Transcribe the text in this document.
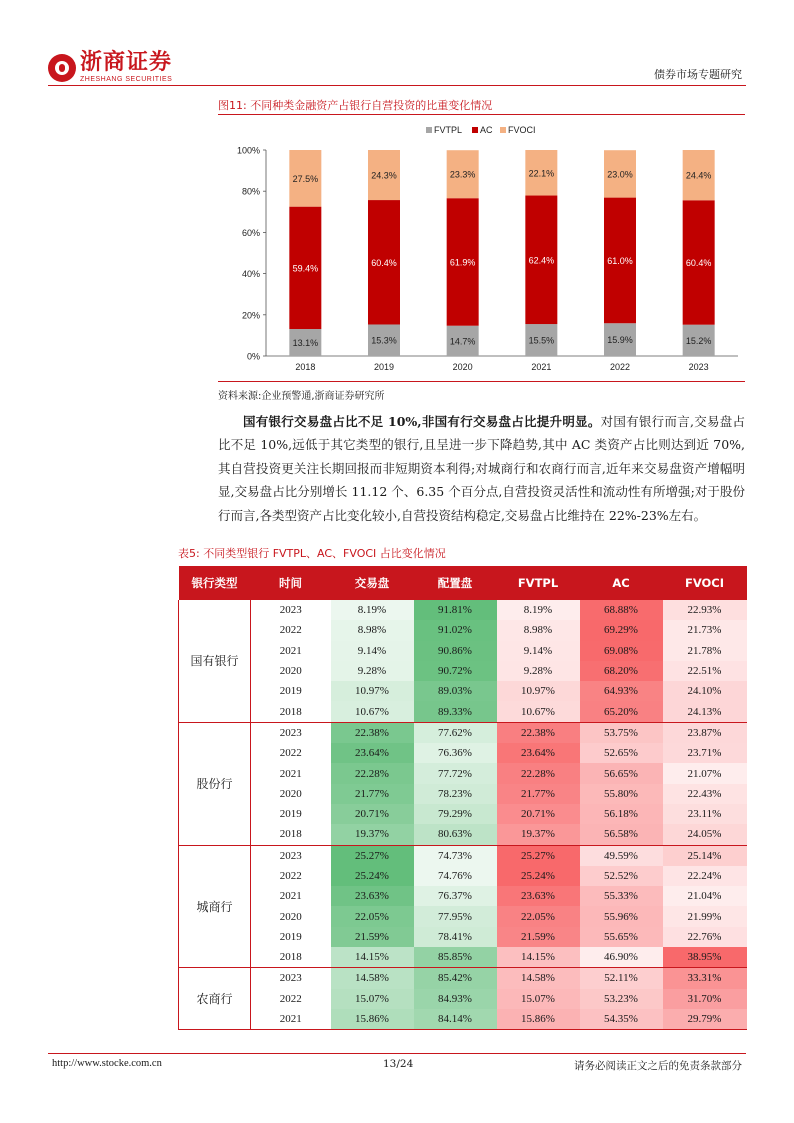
浙商证券
ZHESHANG SECURITIES	债券市场专题研究
图11: 不同种类金融资产占银行自营投资的比重变化情况
0%
20%
40%
60%
80%
100%
FVTPL AC FVOCI
13.1%
59.4%
27.5%
2018
15.3%
60.4%
24.3%
2019
14.7%
61.9%
23.3%
2020
15.5%
62.4%
22.1%
2021
15.9%
61.0%
23.0%
2022
15.2%
60.4%
24.4%
2023
资料来源:企业预警通,浙商证券研究所

国有银行交易盘占比不足 10%,非国有行交易盘占比提升明显。对国有银行而言,交易盘占比不足 10%,远低于其它类型的银行,且呈进一步下降趋势,其中 AC 类资产占比则达到近 70%,其自营投资更关注长期回报而非短期资本利得;对城商行和农商行而言,近年来交易盘资产增幅明显,交易盘占比分别增长 11.12 个、6.35 个百分点,自营投资灵活性和流动性有所增强;对于股份行而言,各类型资产占比变化较小,自营投资结构稳定,交易盘占比维持在 22%-23%左右。

表5: 不同类型银行 FVTPL、AC、FVOCI 占比变化情况
银行类型	时间	交易盘	配置盘	FVTPL	AC	FVOCI
国有银行	2023	8.19%	91.81%	8.19%	68.88%	22.93%
	2022	8.98%	91.02%	8.98%	69.29%	21.73%
	2021	9.14%	90.86%	9.14%	69.08%	21.78%
	2020	9.28%	90.72%	9.28%	68.20%	22.51%
	2019	10.97%	89.03%	10.97%	64.93%	24.10%
	2018	10.67%	89.33%	10.67%	65.20%	24.13%
股份行	2023	22.38%	77.62%	22.38%	53.75%	23.87%
	2022	23.64%	76.36%	23.64%	52.65%	23.71%
	2021	22.28%	77.72%	22.28%	56.65%	21.07%
	2020	21.77%	78.23%	21.77%	55.80%	22.43%
	2019	20.71%	79.29%	20.71%	56.18%	23.11%
	2018	19.37%	80.63%	19.37%	56.58%	24.05%
城商行	2023	25.27%	74.73%	25.27%	49.59%	25.14%
	2022	25.24%	74.76%	25.24%	52.52%	22.24%
	2021	23.63%	76.37%	23.63%	55.33%	21.04%
	2020	22.05%	77.95%	22.05%	55.96%	21.99%
	2019	21.59%	78.41%	21.59%	55.65%	22.76%
	2018	14.15%	85.85%	14.15%	46.90%	38.95%
农商行	2023	14.58%	85.42%	14.58%	52.11%	33.31%
	2022	15.07%	84.93%	15.07%	53.23%	31.70%
	2021	15.86%	84.14%	15.86%	54.35%	29.79%
http://www.stocke.com.cn	13/24	请务必阅读正文之后的免责条款部分
